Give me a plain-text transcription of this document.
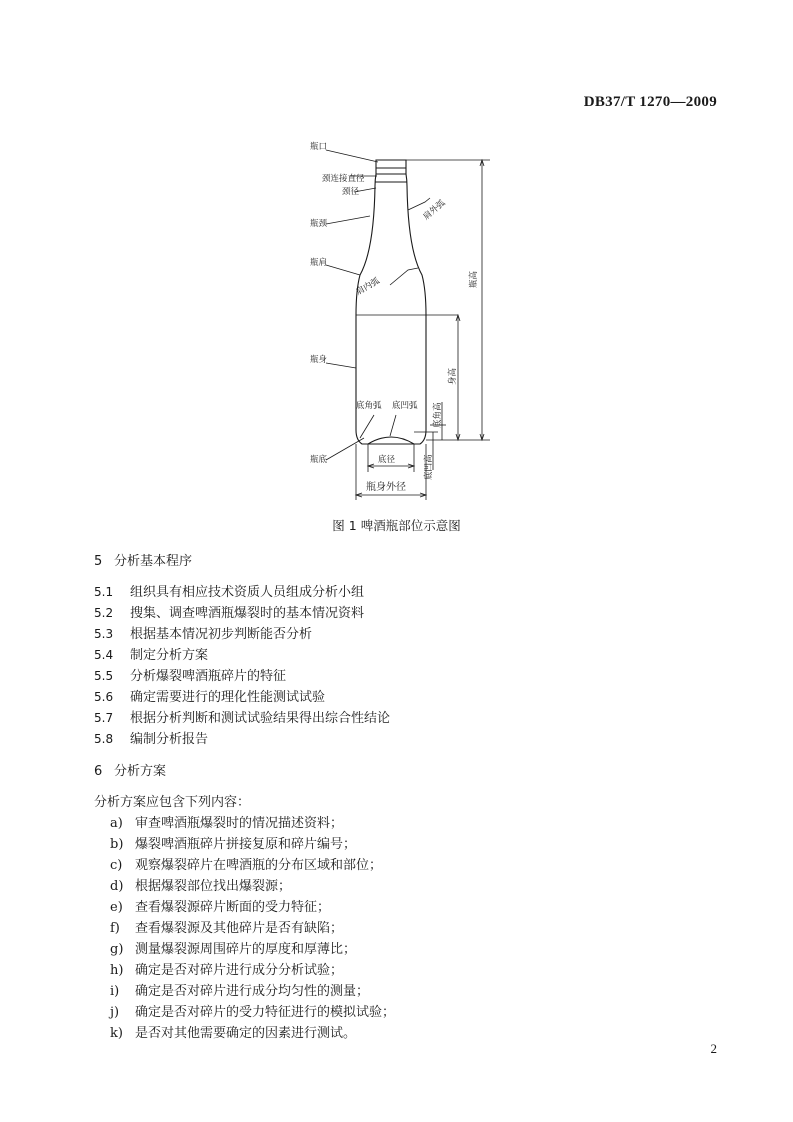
DB37/T 1270—2009
瓶口
颈连接直径
颈径
瓶颈
瓶肩
瓶身
瓶底
底角弧 底凹弧
底径
瓶身外径
肩外弧
肩内弧	瓶高
身高
底角高
底凹高
图 1 啤酒瓶部位示意图
5 分析基本程序
5.1 组织具有相应技术资质人员组成分析小组
5.2 搜集、调查啤酒瓶爆裂时的基本情况资料
5.3 根据基本情况初步判断能否分析
5.4 制定分析方案
5.5 分析爆裂啤酒瓶碎片的特征
5.6 确定需要进行的理化性能测试试验
5.7 根据分析判断和测试试验结果得出综合性结论
5.8 编制分析报告
6 分析方案
分析方案应包含下列内容：
a) 审查啤酒瓶爆裂时的情况描述资料；
b) 爆裂啤酒瓶碎片拼接复原和碎片编号；
c) 观察爆裂碎片在啤酒瓶的分布区域和部位；
d) 根据爆裂部位找出爆裂源；
e) 查看爆裂源碎片断面的受力特征；
f) 查看爆裂源及其他碎片是否有缺陷；
g) 测量爆裂源周围碎片的厚度和厚薄比；
h) 确定是否对碎片进行成分分析试验；
i) 确定是否对碎片进行成分均匀性的测量；
j) 确定是否对碎片的受力特征进行的模拟试验；
k) 是否对其他需要确定的因素进行测试。
2
